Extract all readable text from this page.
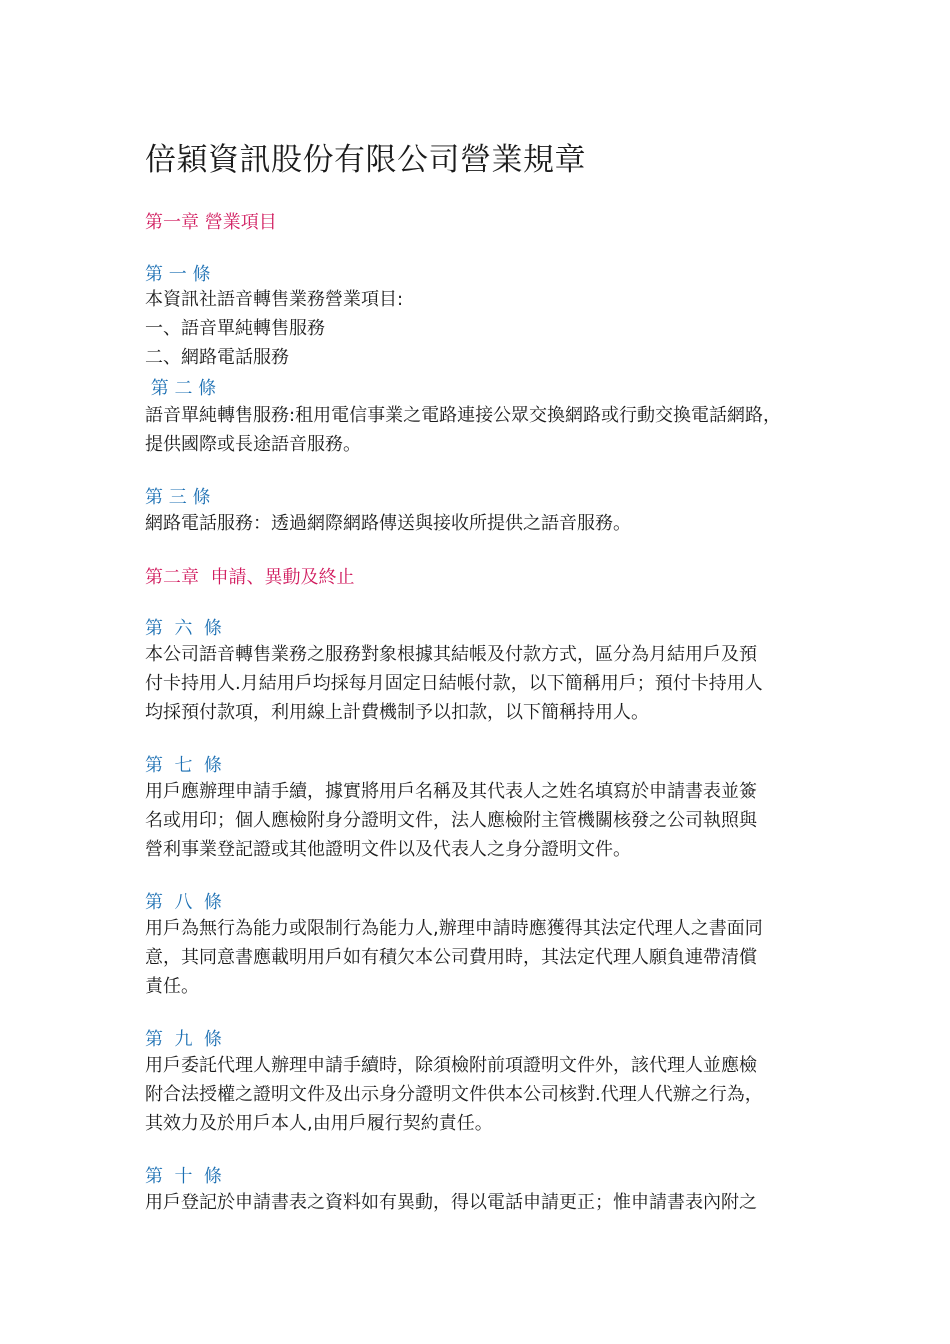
倍穎資訊股份有限公司營業規章
第一章 營業項目
第 一 條
本資訊社語音轉售業務營業項目:
一、語音單純轉售服務
二、網路電話服務
第 二 條
語音單純轉售服務:租用電信事業之電路連接公眾交換網路或行動交換電話網路，
提供國際或長途語音服務。
第 三 條
網路電話服務：透過網際網路傳送與接收所提供之語音服務。
第二章  申請、異動及終止
第  六  條
本公司語音轉售業務之服務對象根據其結帳及付款方式，區分為月結用戶及預
付卡持用人.月結用戶均採每月固定日結帳付款，以下簡稱用戶；預付卡持用人
均採預付款項，利用線上計費機制予以扣款，以下簡稱持用人。
第  七  條
用戶應辦理申請手續，據實將用戶名稱及其代表人之姓名填寫於申請書表並簽
名或用印；個人應檢附身分證明文件，法人應檢附主管機關核發之公司執照與
營利事業登記證或其他證明文件以及代表人之身分證明文件。
第  八  條
用戶為無行為能力或限制行為能力人,辦理申請時應獲得其法定代理人之書面同
意，其同意書應載明用戶如有積欠本公司費用時，其法定代理人願負連帶清償
責任。
第  九  條
用戶委託代理人辦理申請手續時，除須檢附前項證明文件外，該代理人並應檢
附合法授權之證明文件及出示身分證明文件供本公司核對.代理人代辦之行為，
其效力及於用戶本人,由用戶履行契約責任。
第  十  條
用戶登記於申請書表之資料如有異動，得以電話申請更正；惟申請書表內附之
